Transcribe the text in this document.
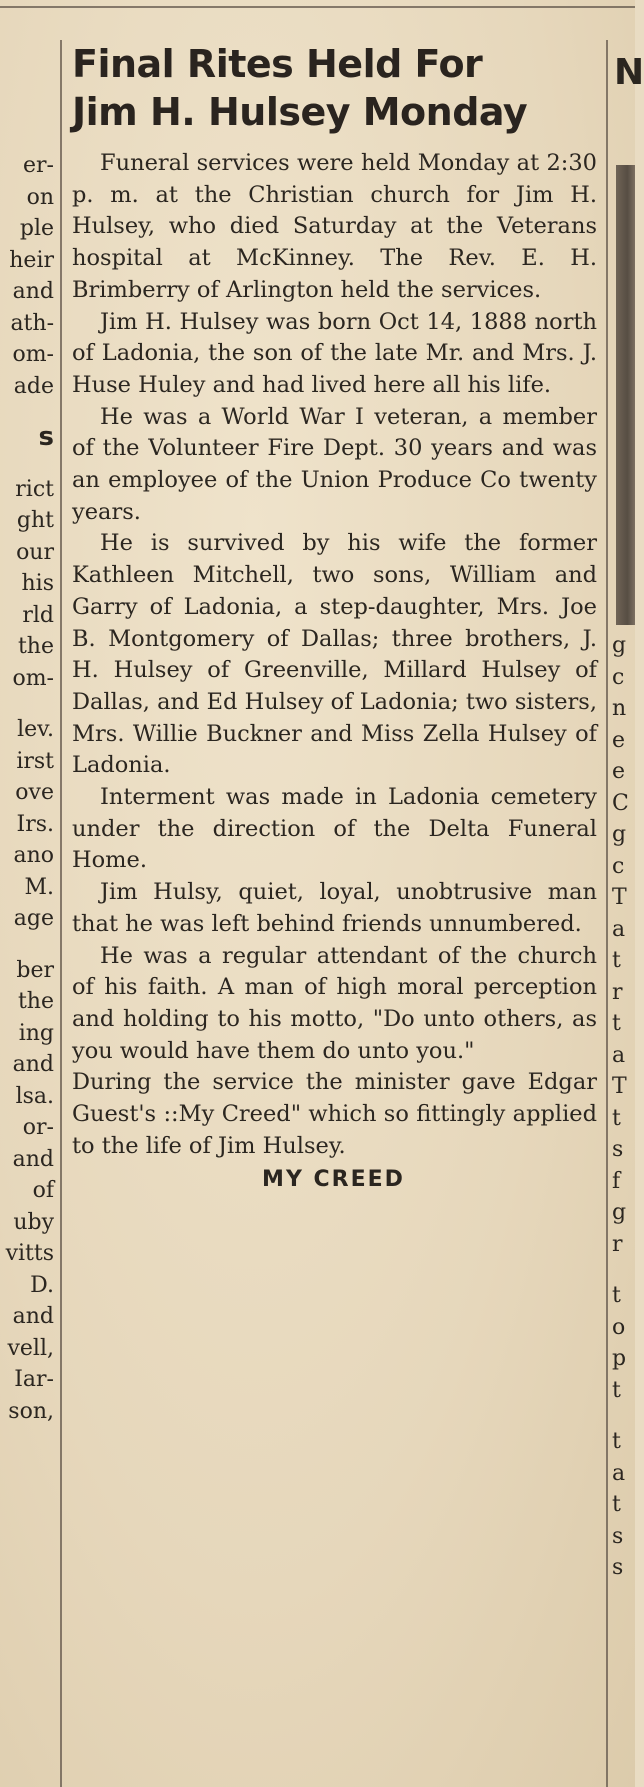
er-
on
ple
heir
and
ath-
om-
ade
s
rict
ght
our
his
rld
the
om-
lev.
irst
ove
Irs.
ano
M.
age
ber
the
ing
and
lsa.
or-
and
of
uby
vitts
D.
and
vell,
Iar-
son,
Final Rites Held For
Jim H. Hulsey Monday

Funeral services were held Monday at 2:30 p. m. at the Christian church for Jim H. Hulsey, who died Saturday at the Veterans hospital at McKinney. The Rev. E. H. Brimberry of Arlington held the services.

Jim H. Hulsey was born Oct 14, 1888 north of Ladonia, the son of the late Mr. and Mrs. J. Huse Huley and had lived here all his life.

He was a World War I veteran, a member of the Volunteer Fire Dept. 30 years and was an employee of the Union Produce Co twenty years.

He is survived by his wife the former Kathleen Mitchell, two sons, William and Garry of Ladonia, a step-daughter, Mrs. Joe B. Montgomery of Dallas; three brothers, J. H. Hulsey of Greenville, Millard Hulsey of Dallas, and Ed Hulsey of Ladonia; two sisters, Mrs. Willie Buckner and Miss Zella Hulsey of Ladonia.

Interment was made in Ladonia cemetery under the direction of the Delta Funeral Home.

Jim Hulsy, quiet, loyal, unobtrusive man that he was left behind friends unnumbered.

He was a regular attendant of the church of his faith. A man of high moral perception and holding to his motto, "Do unto others, as you would have them do unto you."

During the service the minister gave Edgar Guest's ::My Creed" which so fittingly applied to the life of Jim Hulsey.

MY CREED
N
g
c
n
e
e
C
g
c
T
a
t
r
t
a
T
t
s
f
g
r
t
o
p
t
t
a
t
s
s
